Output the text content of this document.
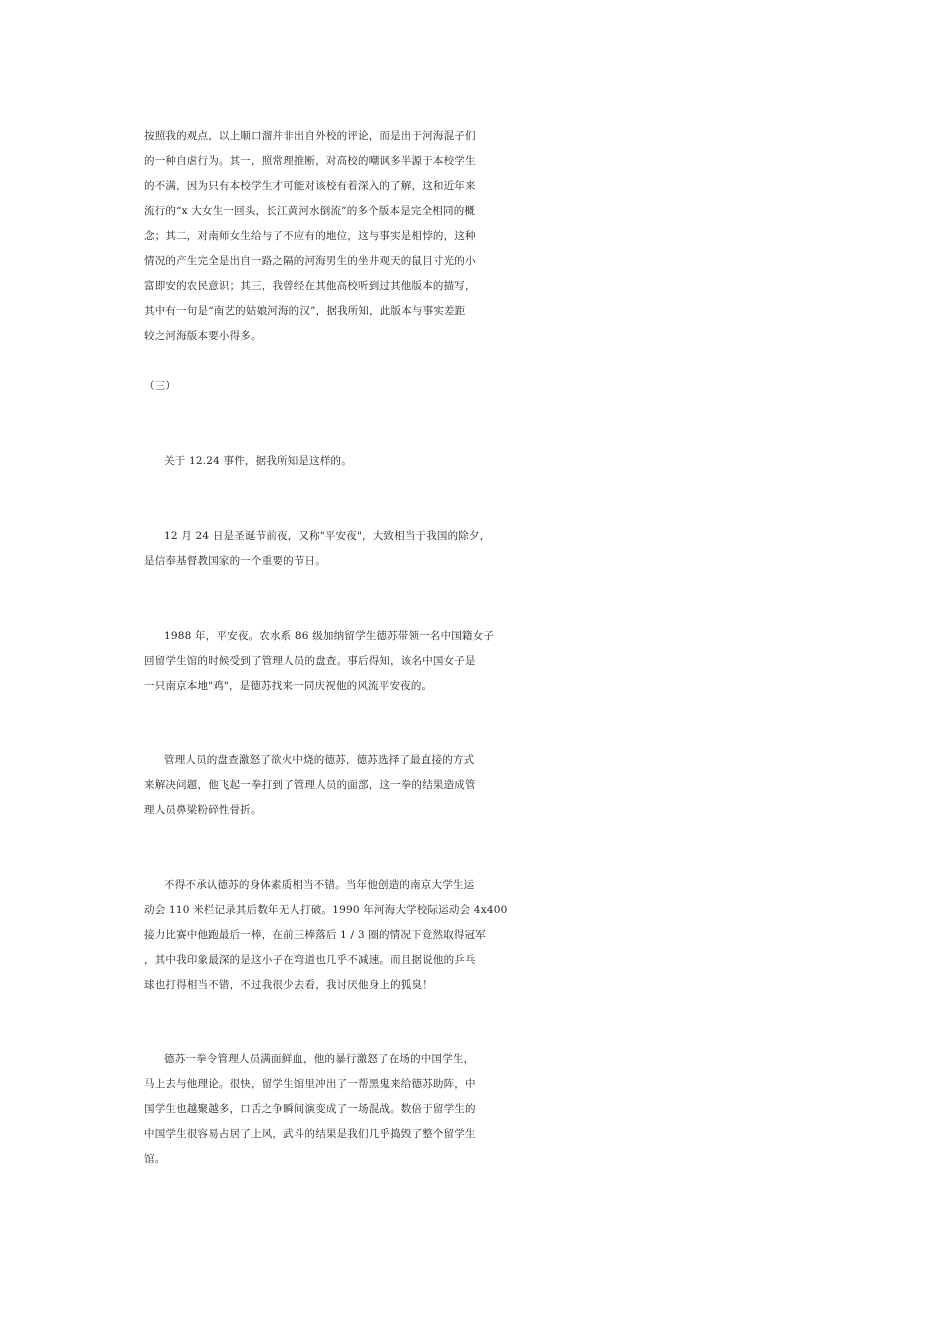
按照我的观点，以上顺口溜并非出自外校的评论，而是出于河海混子们
的一种自虐行为。其一，照常理推断，对高校的嘲讽多半源于本校学生
的不满，因为只有本校学生才可能对该校有着深入的了解，这和近年来
流行的“x 大女生一回头，长江黄河水倒流”的多个版本是完全相同的概
念；其二，对南师女生给与了不应有的地位，这与事实是相悖的，这种
情况的产生完全是出自一路之隔的河海男生的坐井观天的鼠目寸光的小
富即安的农民意识；其三，我曾经在其他高校听到过其他版本的描写，
其中有一句是“南艺的姑娘河海的汉”，据我所知，此版本与事实差距
较之河海版本要小得多。
（三）
关于 12.24 事件，据我所知是这样的。
12 月 24 日是圣诞节前夜，又称"平安夜"，大致相当于我国的除夕，
是信奉基督教国家的一个重要的节日。
1988 年，平安夜。农水系 86 级加纳留学生德苏带领一名中国籍女子
回留学生馆的时候受到了管理人员的盘查。事后得知，该名中国女子是
一只南京本地"鸡"，是德苏找来一同庆祝他的风流平安夜的。
管理人员的盘查激怒了欲火中烧的德苏，德苏选择了最直接的方式
来解决问题，他飞起一拳打到了管理人员的面部，这一拳的结果造成管
理人员鼻梁粉碎性骨折。
不得不承认德苏的身体素质相当不错。当年他创造的南京大学生运
动会 110 米栏记录其后数年无人打破。1990 年河海大学校际运动会 4x400
接力比赛中他跑最后一棒，在前三棒落后 1 / 3 圈的情况下竟然取得冠军
，其中我印象最深的是这小子在弯道也几乎不减速。而且据说他的乒乓
球也打得相当不错，不过我很少去看，我讨厌他身上的狐臭！
德苏一拳令管理人员满面鲜血，他的暴行激怒了在场的中国学生，
马上去与他理论。很快，留学生馆里冲出了一帮黑鬼来给德苏助阵，中
国学生也越聚越多，口舌之争瞬间演变成了一场混战。数倍于留学生的
中国学生很容易占居了上风，武斗的结果是我们几乎捣毁了整个留学生
馆。
